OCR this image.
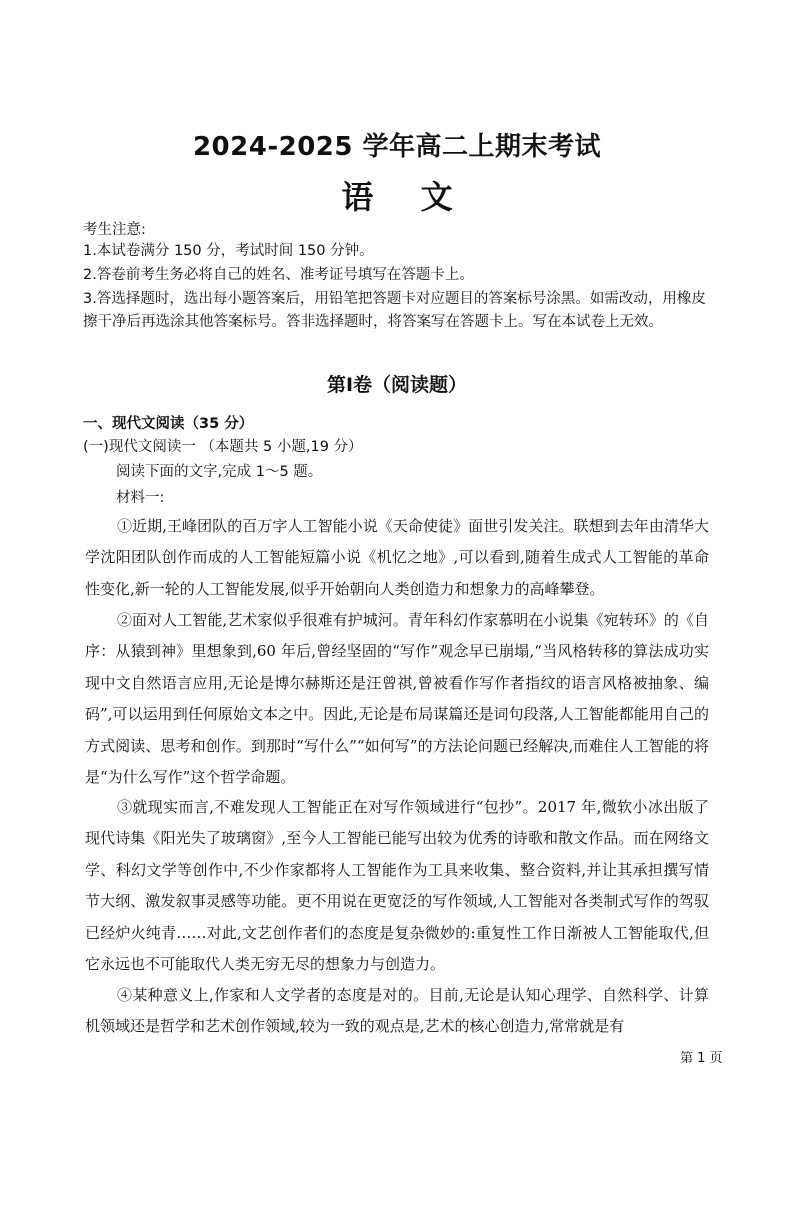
2024-2025 学年高二上期末考试
语 文
考生注意:
1.本试卷满分 150 分，考试时间 150 分钟。
2.答卷前考生务必将自己的姓名、准考证号填写在答题卡上。
3.答选择题时，选出每小题答案后，用铅笔把答题卡对应题目的答案标号涂黑。如需改动，用橡皮擦干净后再选涂其他答案标号。答非选择题时，将答案写在答题卡上。写在本试卷上无效。
第Ⅰ卷（阅读题）
一、现代文阅读（35 分）
(一)现代文阅读一 （本题共 5 小题,19 分）
阅读下面的文字,完成 1～5 题。
材料一:
①近期,王峰团队的百万字人工智能小说《天命使徒》面世引发关注。联想到去年由清华大学沈阳团队创作而成的人工智能短篇小说《机忆之地》,可以看到,随着生成式人工智能的革命性变化,新一轮的人工智能发展,似乎开始朝向人类创造力和想象力的高峰攀登。
②面对人工智能,艺术家似乎很难有护城河。青年科幻作家慕明在小说集《宛转环》的《自序：从猿到神》里想象到,60 年后,曾经坚固的“写作”观念早已崩塌,“当风格转移的算法成功实现中文自然语言应用,无论是博尔赫斯还是汪曾祺,曾被看作写作者指纹的语言风格被抽象、编码”,可以运用到任何原始文本之中。因此,无论是布局谋篇还是词句段落,人工智能都能用自己的方式阅读、思考和创作。到那时“写什么”“如何写”的方法论问题已经解决,而难住人工智能的将是“为什么写作”这个哲学命题。
③就现实而言,不难发现人工智能正在对写作领域进行“包抄”。2017 年,微软小冰出版了现代诗集《阳光失了玻璃窗》,至今人工智能已能写出较为优秀的诗歌和散文作品。而在网络文学、科幻文学等创作中,不少作家都将人工智能作为工具来收集、整合资料,并让其承担撰写情节大纲、激发叙事灵感等功能。更不用说在更宽泛的写作领域,人工智能对各类制式写作的驾驭已经炉火纯青……对此,文艺创作者们的态度是复杂微妙的:重复性工作日渐被人工智能取代,但它永远也不可能取代人类无穷无尽的想象力与创造力。
④某种意义上,作家和人文学者的态度是对的。目前,无论是认知心理学、自然科学、计算机领域还是哲学和艺术创作领域,较为一致的观点是,艺术的核心创造力,常常就是有
第 1 页
